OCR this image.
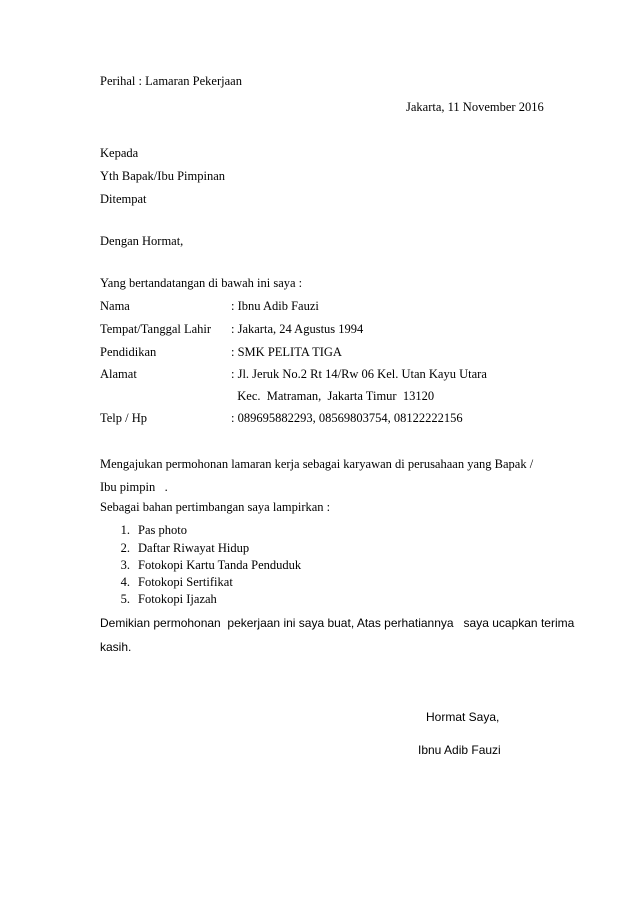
Perihal : Lamaran Pekerjaan
Jakarta, 11 November 2016
Kepada
Yth Bapak/Ibu Pimpinan
Ditempat
Dengan Hormat,
Yang bertandatangan di bawah ini saya :
Nama	: Ibnu Adib Fauzi
Tempat/Tanggal Lahir : Jakarta, 24 Agustus 1994
Pendidikan	: SMK PELITA TIGA
Alamat	: Jl. Jeruk No.2 Rt 14/Rw 06 Kel. Utan Kayu Utara
Kec.  Matraman,  Jakarta Timur  13120
Telp / Hp	: 089695882293, 08569803754, 08122222156
Mengajukan permohonan lamaran kerja sebagai karyawan di perusahaan yang Bapak /
Ibu pimpin   .
Sebagai bahan pertimbangan saya lampirkan :
1. Pas photo
2. Daftar Riwayat Hidup
3. Fotokopi Kartu Tanda Penduduk
4. Fotokopi Sertifikat
5. Fotokopi Ijazah
Demikian permohonan  pekerjaan ini saya buat, Atas perhatiannya   saya ucapkan terima
kasih.
Hormat Saya,
Ibnu Adib Fauzi
